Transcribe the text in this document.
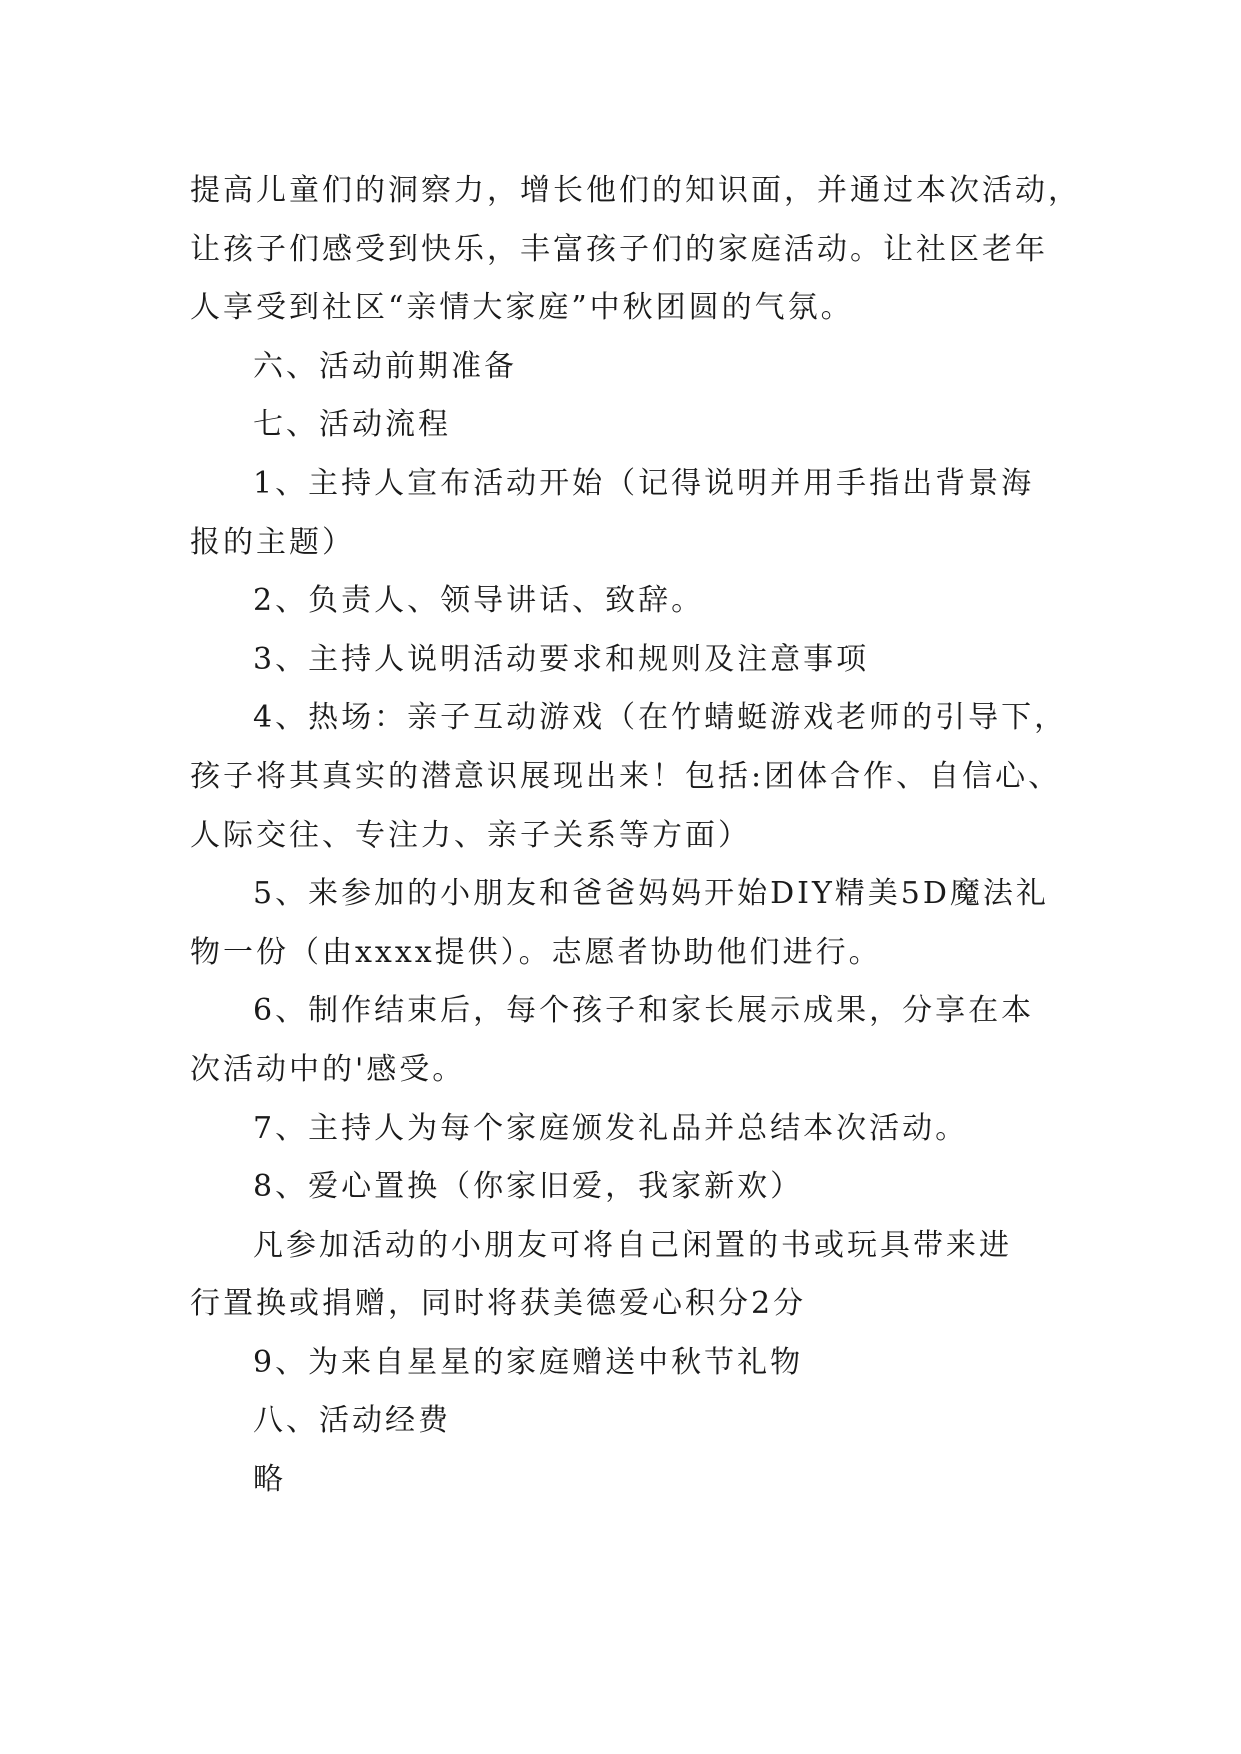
提高儿童们的洞察力，增长他们的知识面，并通过本次活动，

让孩子们感受到快乐，丰富孩子们的家庭活动。让社区老年

人享受到社区“亲情大家庭”中秋团圆的气氛。

六、活动前期准备

七、活动流程

1、主持人宣布活动开始（记得说明并用手指出背景海

报的主题）

2、负责人、领导讲话、致辞。

3、主持人说明活动要求和规则及注意事项

4、热场：亲子互动游戏（在竹蜻蜓游戏老师的引导下，

孩子将其真实的潜意识展现出来！包括:团体合作、自信心、

人际交往、专注力、亲子关系等方面）

5、来参加的小朋友和爸爸妈妈开始DIY精美5D魔法礼

物一份（由xxxx提供）。志愿者协助他们进行。

6、制作结束后，每个孩子和家长展示成果，分享在本

次活动中的'感受。

7、主持人为每个家庭颁发礼品并总结本次活动。

8、爱心置换（你家旧爱，我家新欢）

凡参加活动的小朋友可将自己闲置的书或玩具带来进

行置换或捐赠，同时将获美德爱心积分2分

9、为来自星星的家庭赠送中秋节礼物

八、活动经费

略
